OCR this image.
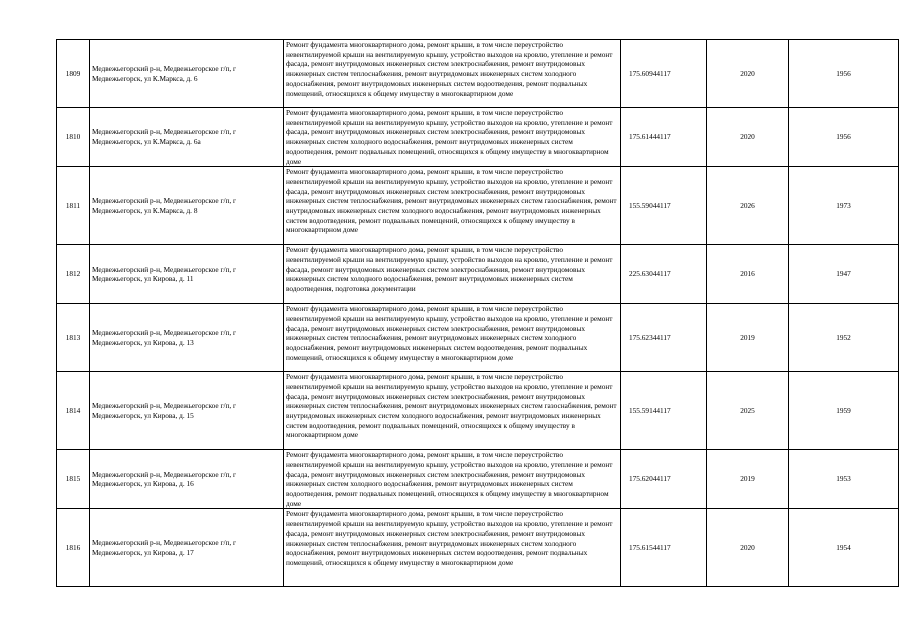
1809	Медвежьегорский р-н, Медвежьегорское г/п, г Медвежьегорск, ул К.Маркса, д. 6	Ремонт фундамента многоквартирного дома, ремонт крыши, в том числе переустройство невентилируемой крыши на вентилируемую крышу, устройство выходов на кровлю, утепление и ремонт фасада, ремонт внутридомовых инженерных систем электроснабжения, ремонт внутридомовых инженерных систем теплоснабжения, ремонт внутридомовых инженерных систем холодного водоснабжения, ремонт внутридомовых инженерных систем водоотведения, ремонт подвальных помещений, относящихся к общему имуществу в многоквартирном доме	175.60944117	2020	1956
1810	Медвежьегорский р-н, Медвежьегорское г/п, г Медвежьегорск, ул К.Маркса, д. 6а	Ремонт фундамента многоквартирного дома, ремонт крыши, в том числе переустройство невентилируемой крыши на вентилируемую крышу, устройство выходов на кровлю, утепление и ремонт фасада, ремонт внутридомовых инженерных систем электроснабжения, ремонт внутридомовых инженерных систем холодного водоснабжения, ремонт внутридомовых инженерных систем водоотведения, ремонт подвальных помещений, относящихся к общему имуществу в многоквартирном доме	175.61444117	2020	1956
1811	Медвежьегорский р-н, Медвежьегорское г/п, г Медвежьегорск, ул К.Маркса, д. 8	Ремонт фундамента многоквартирного дома, ремонт крыши, в том числе переустройство невентилируемой крыши на вентилируемую крышу, устройство выходов на кровлю, утепление и ремонт фасада, ремонт внутридомовых инженерных систем электроснабжения, ремонт внутридомовых инженерных систем теплоснабжения, ремонт внутридомовых инженерных систем газоснабжения, ремонт внутридомовых инженерных систем холодного водоснабжения, ремонт внутридомовых инженерных систем водоотведения, ремонт подвальных помещений, относящихся к общему имуществу в многоквартирном доме	155.59044117	2026	1973
1812	Медвежьегорский р-н, Медвежьегорское г/п, г Медвежьегорск, ул Кирова, д. 11	Ремонт фундамента многоквартирного дома, ремонт крыши, в том числе переустройство невентилируемой крыши на вентилируемую крышу, устройство выходов на кровлю, утепление и ремонт фасада, ремонт внутридомовых инженерных систем электроснабжения, ремонт внутридомовых инженерных систем холодного водоснабжения, ремонт внутридомовых инженерных систем водоотведения, подготовка документации	225.63044117	2016	1947
1813	Медвежьегорский р-н, Медвежьегорское г/п, г Медвежьегорск, ул Кирова, д. 13	Ремонт фундамента многоквартирного дома, ремонт крыши, в том числе переустройство невентилируемой крыши на вентилируемую крышу, устройство выходов на кровлю, утепление и ремонт фасада, ремонт внутридомовых инженерных систем электроснабжения, ремонт внутридомовых инженерных систем теплоснабжения, ремонт внутридомовых инженерных систем холодного водоснабжения, ремонт внутридомовых инженерных систем водоотведения, ремонт подвальных помещений, относящихся к общему имуществу в многоквартирном доме	175.62344117	2019	1952
1814	Медвежьегорский р-н, Медвежьегорское г/п, г Медвежьегорск, ул Кирова, д. 15	Ремонт фундамента многоквартирного дома, ремонт крыши, в том числе переустройство невентилируемой крыши на вентилируемую крышу, устройство выходов на кровлю, утепление и ремонт фасада, ремонт внутридомовых инженерных систем электроснабжения, ремонт внутридомовых инженерных систем теплоснабжения, ремонт внутридомовых инженерных систем газоснабжения, ремонт внутридомовых инженерных систем холодного водоснабжения, ремонт внутридомовых инженерных систем водоотведения, ремонт подвальных помещений, относящихся к общему имуществу в многоквартирном доме	155.59144117	2025	1959
1815	Медвежьегорский р-н, Медвежьегорское г/п, г Медвежьегорск, ул Кирова, д. 16	Ремонт фундамента многоквартирного дома, ремонт крыши, в том числе переустройство невентилируемой крыши на вентилируемую крышу, устройство выходов на кровлю, утепление и ремонт фасада, ремонт внутридомовых инженерных систем электроснабжения, ремонт внутридомовых инженерных систем холодного водоснабжения, ремонт внутридомовых инженерных систем водоотведения, ремонт подвальных помещений, относящихся к общему имуществу в многоквартирном доме	175.62044117	2019	1953
1816	Медвежьегорский р-н, Медвежьегорское г/п, г Медвежьегорск, ул Кирова, д. 17	Ремонт фундамента многоквартирного дома, ремонт крыши, в том числе переустройство невентилируемой крыши на вентилируемую крышу, устройство выходов на кровлю, утепление и ремонт фасада, ремонт внутридомовых инженерных систем электроснабжения, ремонт внутридомовых инженерных систем теплоснабжения, ремонт внутридомовых инженерных систем холодного водоснабжения, ремонт внутридомовых инженерных систем водоотведения, ремонт подвальных помещений, относящихся к общему имуществу в многоквартирном доме	175.61544117	2020	1954
